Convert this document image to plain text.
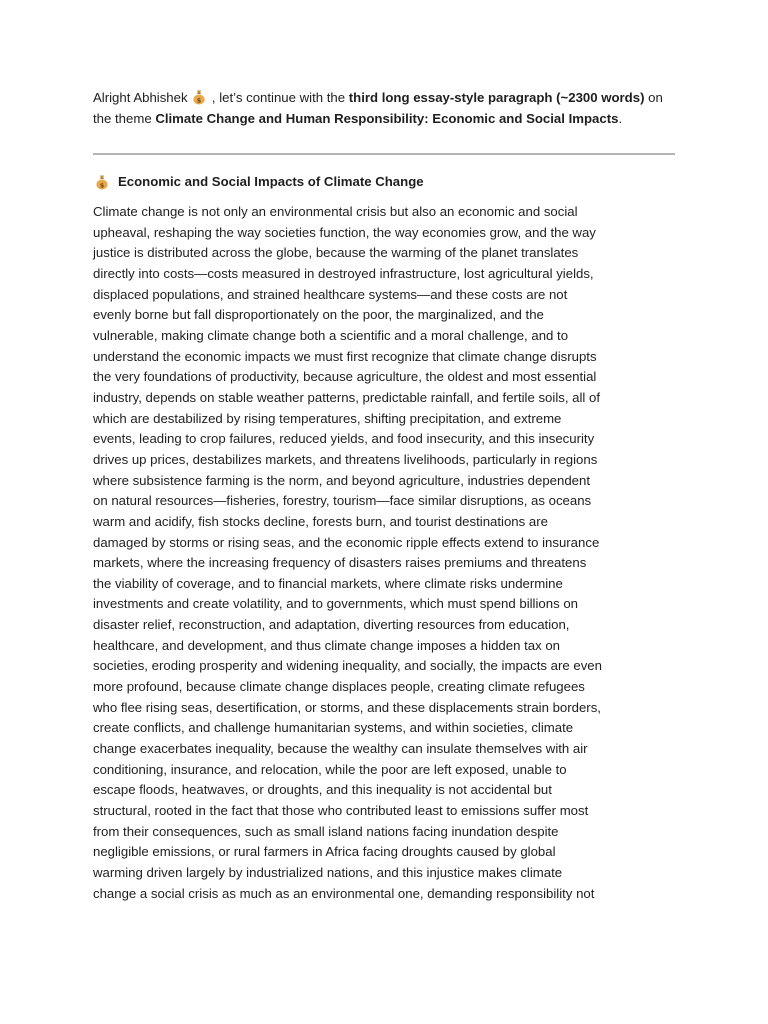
Alright Abhishek $ , let’s continue with the third long essay-style paragraph (~2300 words) on the theme Climate Change and Human Responsibility: Economic and Social Impacts.

$ Economic and Social Impacts of Climate Change
Climate change is not only an environmental crisis but also an economic and social
upheaval, reshaping the way societies function, the way economies grow, and the way
justice is distributed across the globe, because the warming of the planet translates
directly into costs—costs measured in destroyed infrastructure, lost agricultural yields,
displaced populations, and strained healthcare systems—and these costs are not
evenly borne but fall disproportionately on the poor, the marginalized, and the
vulnerable, making climate change both a scientific and a moral challenge, and to
understand the economic impacts we must first recognize that climate change disrupts
the very foundations of productivity, because agriculture, the oldest and most essential
industry, depends on stable weather patterns, predictable rainfall, and fertile soils, all of
which are destabilized by rising temperatures, shifting precipitation, and extreme
events, leading to crop failures, reduced yields, and food insecurity, and this insecurity
drives up prices, destabilizes markets, and threatens livelihoods, particularly in regions
where subsistence farming is the norm, and beyond agriculture, industries dependent
on natural resources—fisheries, forestry, tourism—face similar disruptions, as oceans
warm and acidify, fish stocks decline, forests burn, and tourist destinations are
damaged by storms or rising seas, and the economic ripple effects extend to insurance
markets, where the increasing frequency of disasters raises premiums and threatens
the viability of coverage, and to financial markets, where climate risks undermine
investments and create volatility, and to governments, which must spend billions on
disaster relief, reconstruction, and adaptation, diverting resources from education,
healthcare, and development, and thus climate change imposes a hidden tax on
societies, eroding prosperity and widening inequality, and socially, the impacts are even
more profound, because climate change displaces people, creating climate refugees
who flee rising seas, desertification, or storms, and these displacements strain borders,
create conflicts, and challenge humanitarian systems, and within societies, climate
change exacerbates inequality, because the wealthy can insulate themselves with air
conditioning, insurance, and relocation, while the poor are left exposed, unable to
escape floods, heatwaves, or droughts, and this inequality is not accidental but
structural, rooted in the fact that those who contributed least to emissions suffer most
from their consequences, such as small island nations facing inundation despite
negligible emissions, or rural farmers in Africa facing droughts caused by global
warming driven largely by industrialized nations, and this injustice makes climate
change a social crisis as much as an environmental one, demanding responsibility not
